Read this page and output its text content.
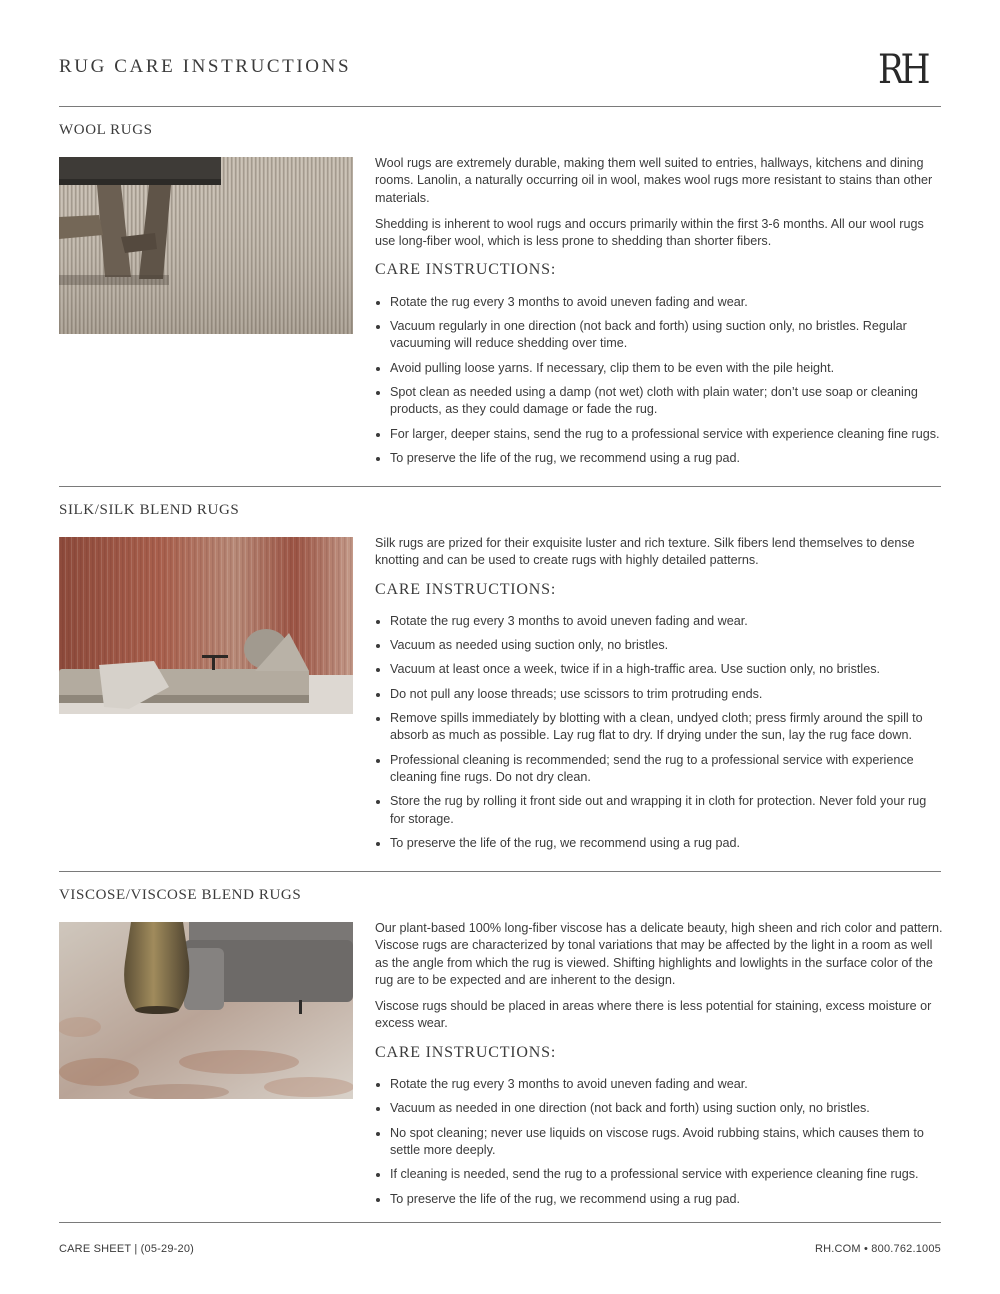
RUG CARE INSTRUCTIONS	RH
WOOL RUGS

Wool rugs are extremely durable, making them well suited to entries, hallways, kitchens and dining rooms. Lanolin, a naturally occurring oil in wool, makes wool rugs more resistant to stains than other materials.

Shedding is inherent to wool rugs and occurs primarily within the first 3-6 months. All our wool rugs use long-fiber wool, which is less prone to shedding than shorter fibers.

CARE INSTRUCTIONS:
Rotate the rug every 3 months to avoid uneven fading and wear.
Vacuum regularly in one direction (not back and forth) using suction only, no bristles. Regular vacuuming will reduce shedding over time.
Avoid pulling loose yarns. If necessary, clip them to be even with the pile height.
Spot clean as needed using a damp (not wet) cloth with plain water; don’t use soap or cleaning products, as they could damage or fade the rug.
For larger, deeper stains, send the rug to a professional service with experience cleaning fine rugs.
To preserve the life of the rug, we recommend using a rug pad.
SILK/SILK BLEND RUGS

Silk rugs are prized for their exquisite luster and rich texture. Silk fibers lend themselves to dense knotting and can be used to create rugs with highly detailed patterns.

CARE INSTRUCTIONS:
Rotate the rug every 3 months to avoid uneven fading and wear.
Vacuum as needed using suction only, no bristles.
Vacuum at least once a week, twice if in a high-traffic area. Use suction only, no bristles.
Do not pull any loose threads; use scissors to trim protruding ends.
Remove spills immediately by blotting with a clean, undyed cloth; press firmly around the spill to absorb as much as possible. Lay rug flat to dry. If drying under the sun, lay the rug face down.
Professional cleaning is recommended; send the rug to a professional service with experience cleaning fine rugs. Do not dry clean.
Store the rug by rolling it front side out and wrapping it in cloth for protection. Never fold your rug for storage.
To preserve the life of the rug, we recommend using a rug pad.
VISCOSE/VISCOSE BLEND RUGS

Our plant-based 100% long-fiber viscose has a delicate beauty, high sheen and rich color and pattern. Viscose rugs are characterized by tonal variations that may be affected by the light in a room as well as the angle from which the rug is viewed. Shifting highlights and lowlights in the surface color of the rug are to be expected and are inherent to the design.

Viscose rugs should be placed in areas where there is less potential for staining, excess moisture or excess wear.

CARE INSTRUCTIONS:
Rotate the rug every 3 months to avoid uneven fading and wear.
Vacuum as needed in one direction (not back and forth) using suction only, no bristles.
No spot cleaning; never use liquids on viscose rugs. Avoid rubbing stains, which causes them to settle more deeply.
If cleaning is needed, send the rug to a professional service with experience cleaning fine rugs.
To preserve the life of the rug, we recommend using a rug pad.
CARE SHEET | (05-29-20)	RH.COM • 800.762.1005
